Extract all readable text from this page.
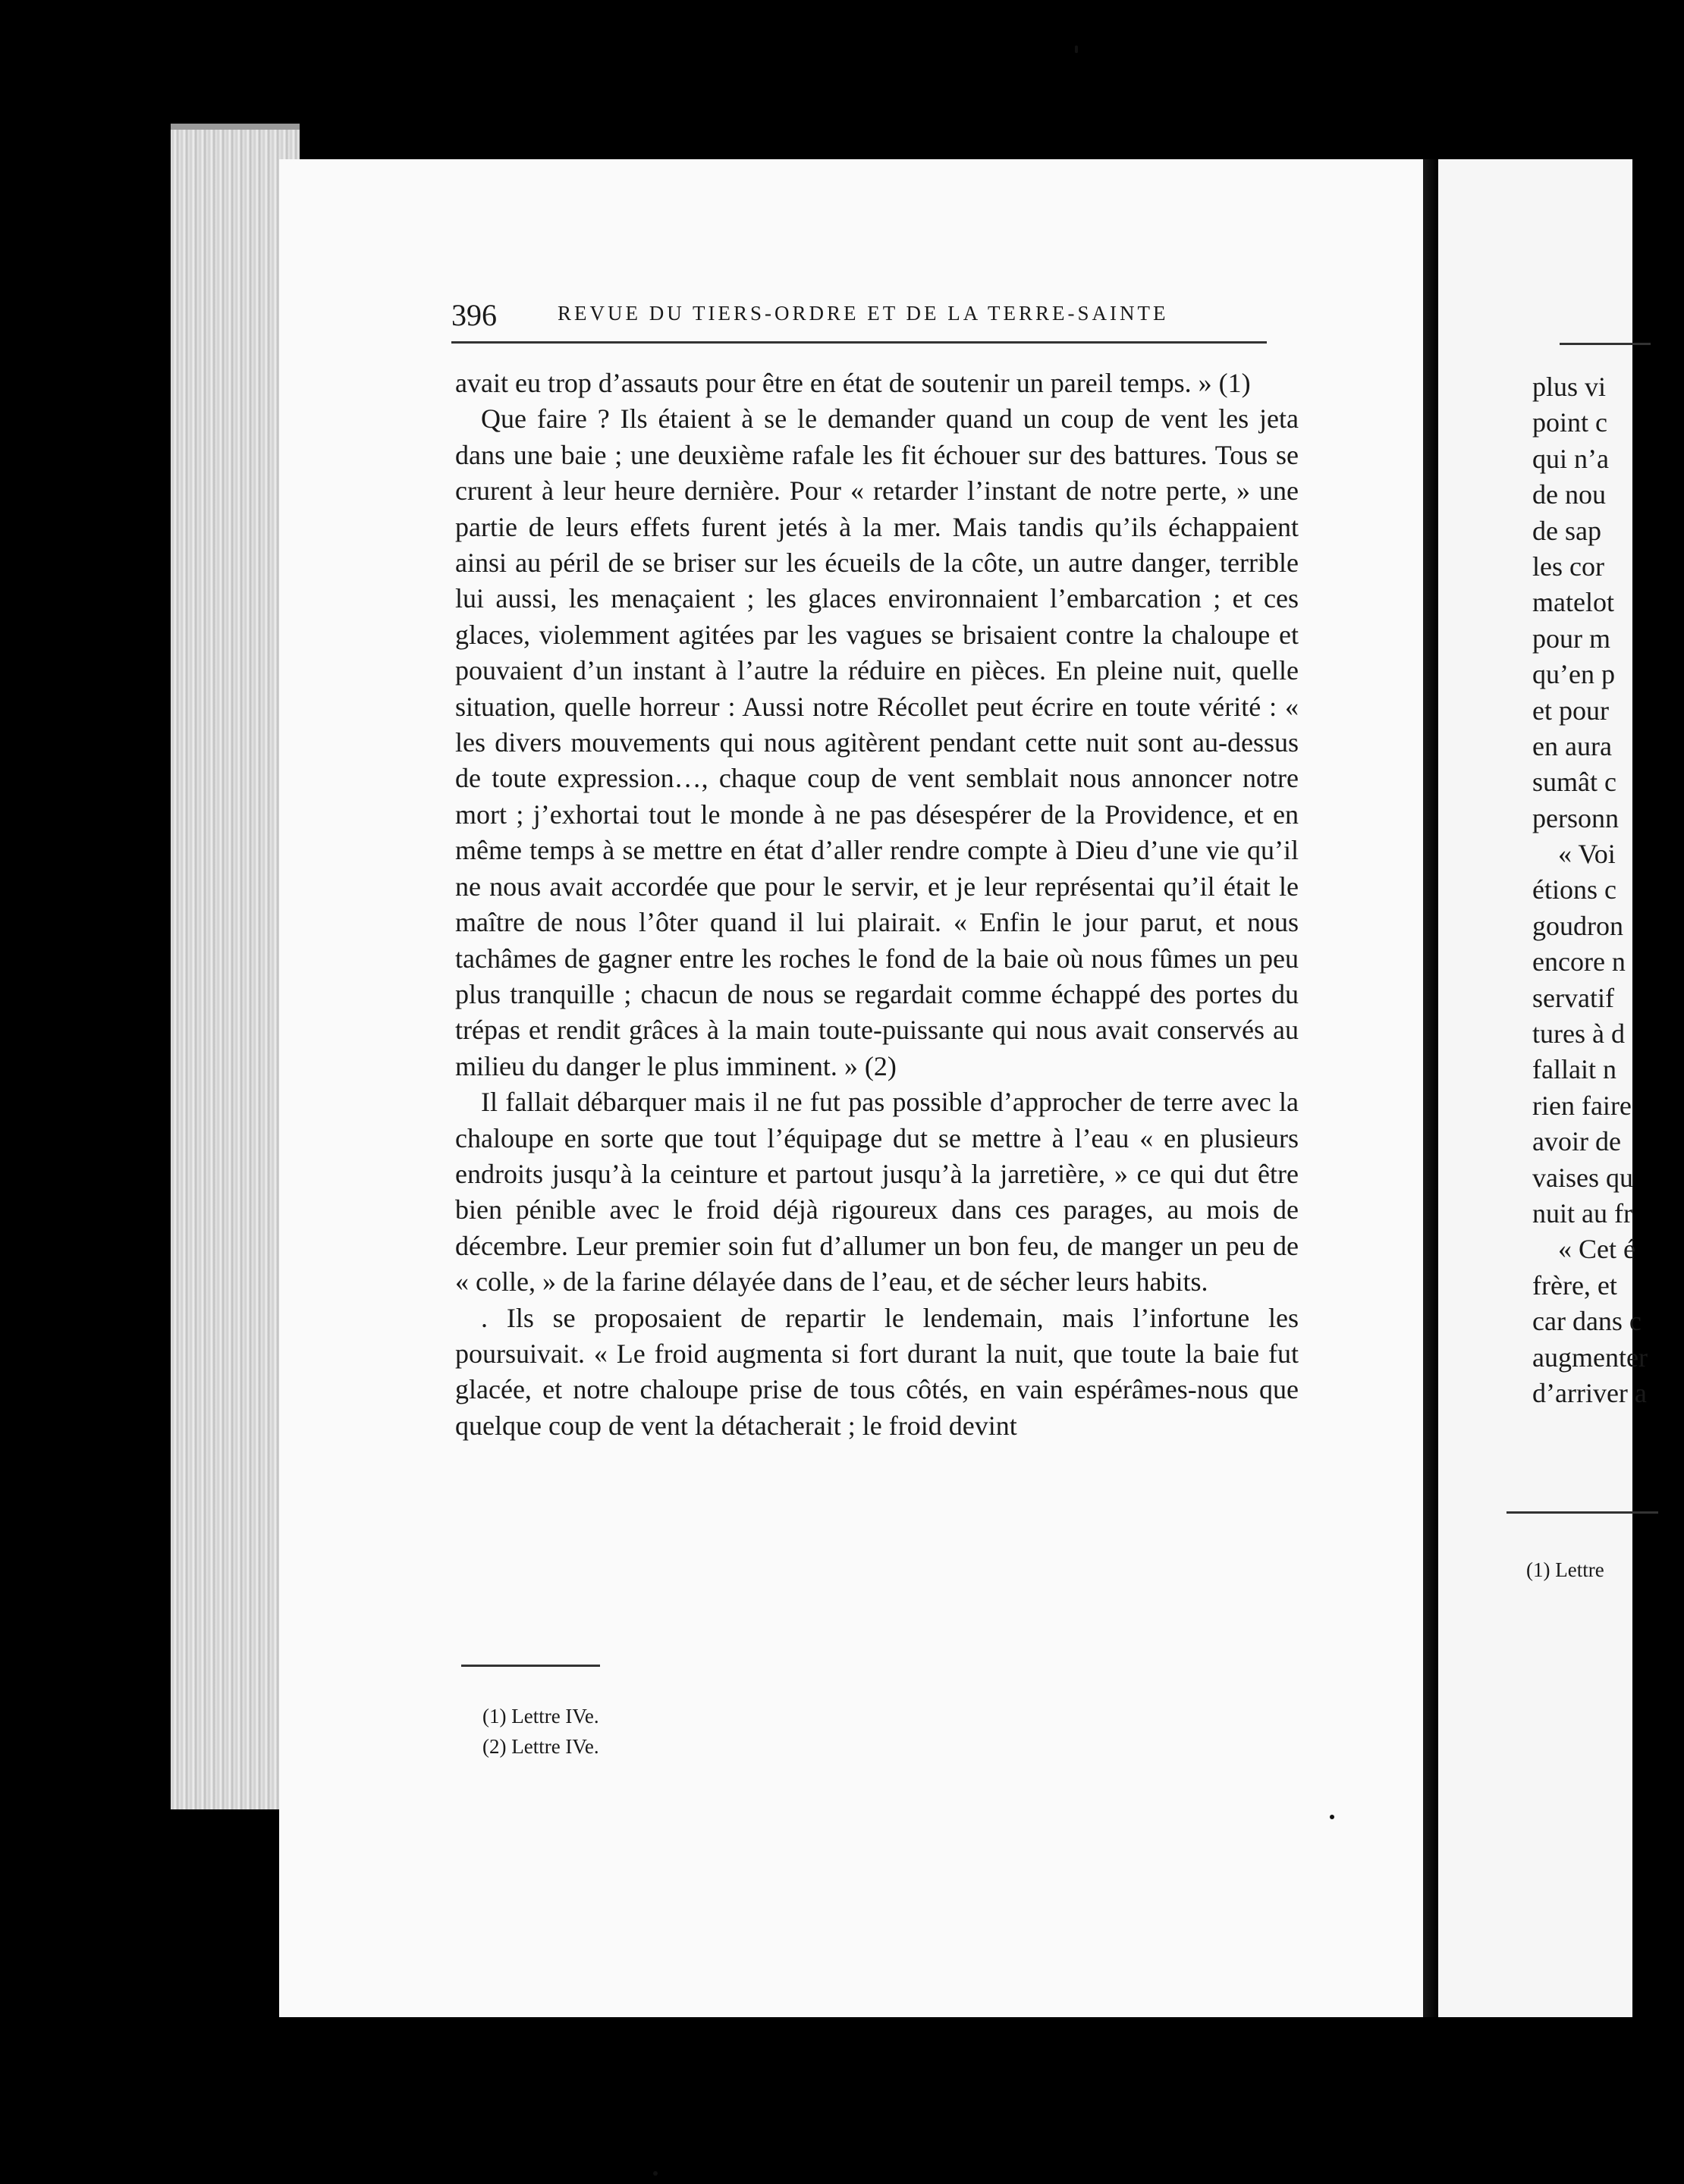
396	REVUE DU TIERS-ORDRE ET DE LA TERRE-SAINTE

avait eu trop d’assauts pour être en état de soutenir un pareil temps. » (1)

Que faire ? Ils étaient à se le demander quand un coup de vent les jeta dans une baie ; une deuxième rafale les fit échouer sur des battures. Tous se crurent à leur heure dernière. Pour « retarder l’instant de notre perte, » une partie de leurs effets furent jetés à la mer. Mais tandis qu’ils échappaient ainsi au péril de se briser sur les écueils de la côte, un autre danger, terrible lui aussi, les menaçaient ; les glaces environnaient l’embarcation ; et ces glaces, violemment agitées par les vagues se brisaient contre la chaloupe et pouvaient d’un instant à l’autre la réduire en pièces. En pleine nuit, quelle situation, quelle horreur : Aussi notre Récollet peut écrire en toute vérité : « les divers mouvements qui nous agitèrent pendant cette nuit sont au-dessus de toute expression…, chaque coup de vent semblait nous annoncer notre mort ; j’exhortai tout le monde à ne pas désespérer de la Providence, et en même temps à se mettre en état d’aller rendre compte à Dieu d’une vie qu’il ne nous avait accordée que pour le servir, et je leur représentai qu’il était le maître de nous l’ôter quand il lui plairait. « Enfin le jour parut, et nous tachâmes de gagner entre les roches le fond de la baie où nous fûmes un peu plus tranquille ; chacun de nous se regardait comme échappé des portes du trépas et rendit grâces à la main toute-puissante qui nous avait conservés au milieu du danger le plus imminent. » (2)

Il fallait débarquer mais il ne fut pas possible d’approcher de terre avec la chaloupe en sorte que tout l’équipage dut se mettre à l’eau « en plusieurs endroits jusqu’à la ceinture et partout jusqu’à la jarretière, » ce qui dut être bien pénible avec le froid déjà rigoureux dans ces parages, au mois de décembre. Leur premier soin fut d’allumer un bon feu, de manger un peu de « colle, » de la farine délayée dans de l’eau, et de sécher leurs habits.

. Ils se proposaient de repartir le lendemain, mais l’infortune les poursuivait. « Le froid augmenta si fort durant la nuit, que toute la baie fut glacée, et notre chaloupe prise de tous côtés, en vain espérâmes-nous que quelque coup de vent la détacherait ; le froid devint

(1) Lettre IVe.
(2) Lettre IVe.
plus vi
point c
qui n’a
de nou
de sap
les cor
matelot
pour m
qu’en p
et pour
en aura
sumât c
personn
« Voi
étions c
goudron
encore n
servatif
tures à d
fallait n
rien faire
avoir de
vaises qu
nuit au fr
« Cet é
frère, et
car dans c
augmenter
d’arriver a
(1) Lettre
